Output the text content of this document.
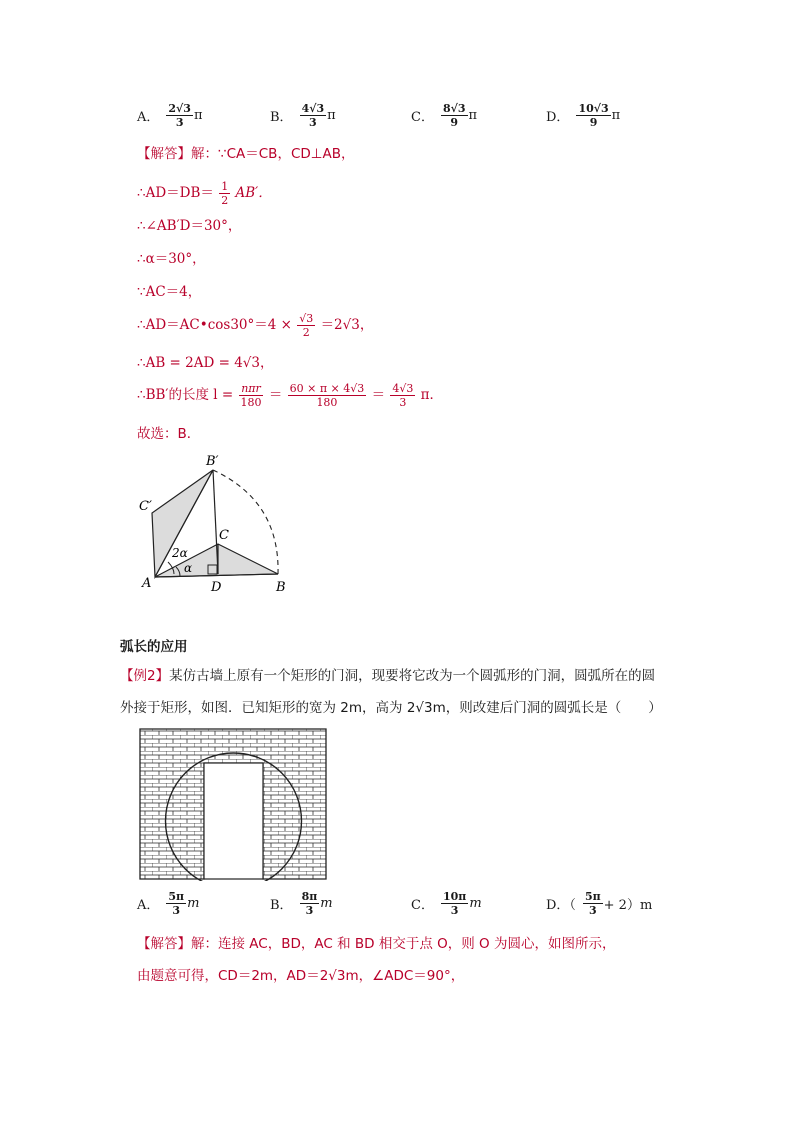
A． $\frac{2√3}{3}$ π	B． $\frac{4√3}{3}$ π	C． $\frac{8√3}{9}$ π	D． $\frac{10√3}{9}$ π
【解答】解：∵CA＝CB，CD⊥AB，
∴AD＝DB＝ $\frac{1}{2} AB'$．
∴∠AB′D＝30°，
∴α＝30°，
∵AC＝4，
∴AD＝AC•cos30°＝4 × $\frac{√3}{2} =2√3$，
∴AB = 2AD = 4√3，
∴BB′的长度 $l = \frac{\text{nπr}}{180} = \frac{60 \times \pi \times 4√3}{180} = \frac{4√3}{3}$ π．
故选：B．
B′
C′
C
2α
α
A	D	B
弧长的应用
【例2】某仿古墙上原有一个矩形的门洞，现要将它改为一个圆弧形的门洞，圆弧所在的圆
外接于矩形，如图．已知矩形的宽为 2m，高为 2√3m，则改建后门洞的圆弧长是（　　）
A． $\frac{5\pi}{3}$ m	B． $\frac{8\pi}{3}$ m	C． $\frac{10\pi}{3}$ m	D．（ $\frac{5\pi}{3} + 2)m$
【解答】解：连接 AC，BD，AC 和 BD 相交于点 O，则 O 为圆心，如图所示，
由题意可得，CD＝2m，AD＝2√3m，∠ADC＝90°，
